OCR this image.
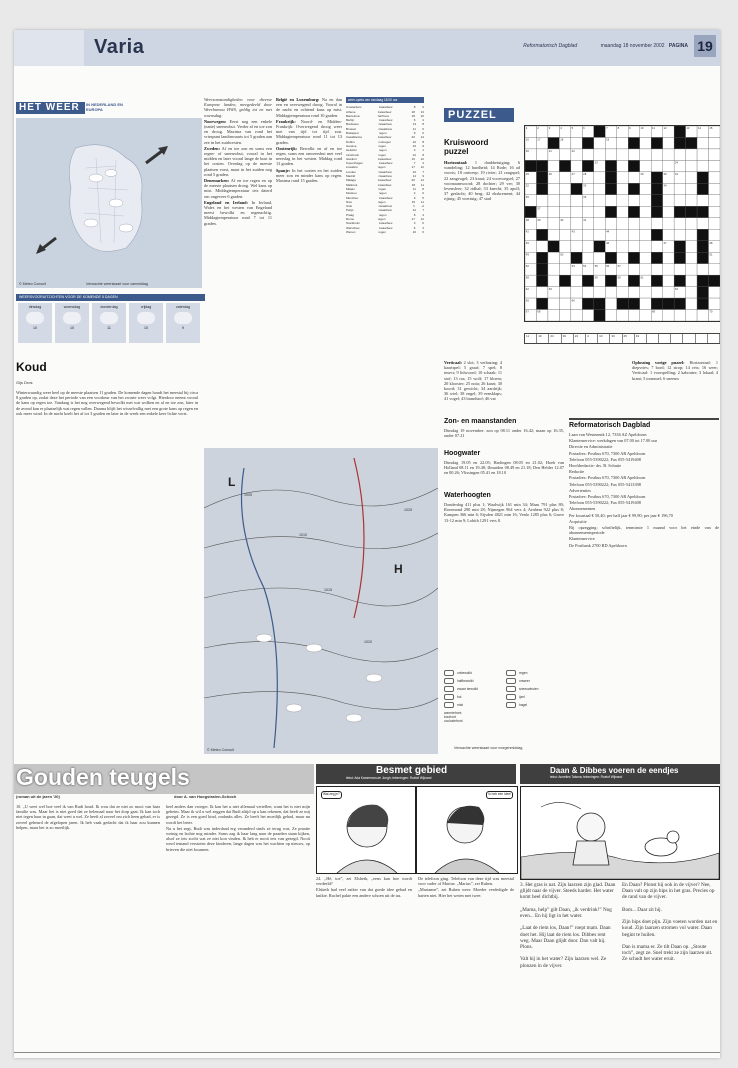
Varia	Reformatorisch Dagblad	maandag 18 november 2002 PAGINA 19
HET WEER	IN NEDERLAND EN EUROPA
© Meteo Consult	Verwachte weerskaart voor vanmiddag
WEERSVOORUITZICHTEN VOOR DE KOMENDE 5 DAGEN
dinsdag
10
woensdag
10
donderdag
11
vrijdag
10
zaterdag
9
Koud
Gijs Dros

Winterwaardig weer heel op de meeste plaatsen 11 graden. De komende dagen houdt het meestal bij circa 8 graden op, zodat deze het periode van een voorkeur van het zwarte weer volgt. Hierdoor neemt vooral de kans op regen toe. Vandaag is het nog overwegend bewolkt met wat wolken en af en toe zon, later in de avond kan er plaatselijk wat regen vallen. Daarna blijft het wisselvallig met een grote kans op regen en ook meer wind. In de nacht koelt het af tot 3 graden en later in de week een enkele keer lichte vorst.

Weersomstandigheden voor diverse Europese landen, meegedeeld door Weerbureau HWS, geldig tot en met woensdag:

Noorwegen: Eerst nog een enkele (natte) sneeuwbui. Verder af en toe zon en droog. Maxima van rond het vriespunt landinwaarts tot 5 graden aan zee in het zuidwesten.

Zweden: Af en toe zon en soms een regen- of sneeuwbui, vooral in het midden en later vooral lange de kust in het oosten. Overdag op de meeste plaatsen vorst, maar in het zuiden nog rond 5 graden.

Denemarken: Af en toe regen en op de meeste plaatsen droog. Wel kans op mist. Middagtemperatuur iets daterd om ongeveer 6 graden.

Engeland en Ierland: In Ierland, Wales en het westen van Engeland meest bewolkt en regenachtig. Middagtemperatuur rond 7 tot 11 graden.

België en Luxemburg: Na en dan een en overwegend droog. Vooral in de nacht en ochtend kans op mist. Middagtemperatuur rond 10 graden.

Frankrijk: Noord- en Midden-Frankrijk: Overwegend droog weer met van tijd tot tijd zon. Middagtemperatuur rond 11 tot 13 graden.

Oostenrijk: Bewolkt en af en toe regen, soms een onweersbui met veel neerslag in het westen. Middag rond 13 graden.

Spanje: In het oosten en het zuiden meer zon en minder kans op regen. Maxima rond 15 graden.

weer-opeta van vandaag 18.00 uur
Amsterdam	zwaarbew	8 3
Athene	zwaarbew	18 13
Barcelona	half bew	18 10
Berlijn	zwaarbew	6 4
Bordeaux	zwaarbew	13 8
Brussel	zwaarbew	11 6
Budapest	regen	9 6
Casablanca	zwaarbew	20 14
Dublin	motregen	10 8
Genève	regen	10 6
Helsinki	regen	3 1
Innsbruck	regen	12 8
Istanbul	zwaarbew	16 12
Kopenhagen	zwaarbew	7 4
Lissabon	regen	17 12
Londen	zwaarbew	10 7
Madrid	zwaarbew	14 9
Málaga	zwaarbew	20 14
Mallorca	zwaarbew	18 11
Milaan	regen	11 8
Moskou	regen	2 0
München	zwaarbew	9 5
Nice	regen	15 11
Oslo	zwaarbew	1 -2
Parijs	zwaarbew	12 7
Praag	regen	8 4
Rome	regen	17 12
Stockholm	zwaarbew	3 0
Warschau	zwaarbew	6 3
Wenen	regen	10 6
PUZZEL
Kruiswoord puzzel

Horizontaal: 1 dankbetuiging; 6 wandeling; 12 hardheid; 14 Rode; 16 ad voorts; 18 ontwerp; 19 rivier; 21 rangspel; 22 zangvogel; 23 kraai; 24 voorvoegsel; 27 voornaamwoord; 28 dochter; 29 ver; 30 levensleer; 32 ridhal; 33 knecht; 35 apoll; 37 geslacht; 40 berg; 42 ekskrement; 44 rijtuig; 45 voertuig; 47 stad

Verticaal: 2 slot; 3 verbazing; 4 kaartspel; 5 graaf; 7 spel; 8 insect; 9 lidwoord; 10 schaak; 11 stof; 13 ras; 15 wolf; 17 bloem; 20 klooster; 25 nota; 26 kaart; 30 koord; 31 gewicht; 34 aardrijk; 36 wiel; 38 engel; 39 eensklaps; 41 vogel; 43 brandstof; 46 vat

Oplossing vorige puzzel: Horizontaal: 1 diepvries; 7 bord; 12 strop; 14 reis; 16 weer; Verticaal: 1 voorspelling; 2 kabouter; 3 lokaal; 4 krant; 5 trommel; 6 sneeuw

1	2	3	4	5	6	7	8	9	10	11	12	13	14	15
16	17	18	19
20	21	22
23	24
25	26	27	28	29	30	31
32	33	34
35	36
37
38	39	40	41
42	43	44
45	46	47	48
49	50	51
52	53	54	55	56	57
58	59	60	61
62	63	64
65	66
67	68	69	70
11	19	24	39	24	4	10	33	25	43
Zon- en maanstanden

Dinsdag 19 november: zon op 08.11 onder 16.42; maan op 16.35, onder 07.21

Hoogwater

Dinsdag 19.05 en 22.05; Harlingen 08.05 en 21.02; Hoek van Holland 08.11 en 19.48; IJmuiden 08.49 en 21.18; Den Helder 12.07 en 00.26; Vlissingen 05.41 en 18.10

Waterhoogten

Donderdag 411 plus 1; Waalwijk 161 min 34; Maas 791 plus 80; Roermond 290 min 28; Nijmegen 964 vers 4; Arnhem 922 plus 8; Kampen 366 min 6; Eijsden 4821 min 16; Venlo 1285 plus 6; Grave 13-12 min 9; Lobith 1291 vers 8.

Reformatorisch Dagblad

Laan van Westenenk 12, 7336 AZ Apeldoorn

Klantenservice: werkdagen van 07.00 tot 17.00 uur

Directie en Administratie

Postadres: Postbus 670, 7300 AR Apeldoorn

Telefoon 055-5390222; Fax 055-5419408

Hoofdredactie: drs. B. Schutte

Redactie

Postadres: Postbus 670, 7300 AR Apeldoorn

Telefoon 055-5390222; Fax 055-5413398

Advertenties

Postadres: Postbus 670, 7300 AR Apeldoorn

Telefoon 055-5390222; Fax 055-5419408

Abonnementen

Per kwartaal € 50,40; per half jaar € 99,90; per jaar € 196,70

Acquisitie

Bij opzegging: schriftelijk, tenminste 1 maand voor het einde van de abonnementsperiode

Klantenservice

De Postbank 2700 RD Apeldoorn

L
H
1005
1010
1015
1020
1025
© Meteo Consult
onbewolkt	regen
halfbewolkt	onweer
zwaar bewolkt	sneeuwbuien
bui	ijzel
mist	hagel
warmtefront
koufront
occlusiefront
Verwachte weerskaart voor morgenmiddag
Gouden teugels
(roman uit de jaren '20)	door A. van Hoogstraten-Schoch

10. „U weet wel hoe veel ik van Rudi houd. Ik wou dat ze niet zo mooi van haar familie was. Maar het is niet goed dat ze helemaal naar het dorp gaat. Ik kan toch niet tegen haar in gaan, dat weet u wel. Ze heeft al zoveel om zich heen gehad, er is zoveel gebeurd de afgelopen jaren. Ik heb vaak gedacht dat ik haar zou kunnen helpen, maar het is zo moeilijk.

heel anders dan vroeger. Ik kan het u niet allemaal vertellen, want het is niet mijn geheim. Maar ik wil u wel zeggen dat Rudi altijd op u kan rekenen, dat heeft ze mij gezegd. Ze is een goed kind, ondanks alles. Ze heeft het moeilijk gehad, maar nu wordt het beter.

Nu u het zegt, Rudi was inderdaad erg veranderd sinds ze terug was. Ze praatte weinig en lachte nog minder. Soms zag ik haar lang naar de paarden staan kijken, alsof ze iets zocht wat ze niet kon vinden. Ik heb er nooit iets van gezegd. Nooit werd iemand verstoten deze kinderen, lange dagen was het wachten op nieuws, op brieven die niet kwamen.

Besmet gebied
tekst: Ada Kamerman-de Jongh; tekeningen: Roelof Wijnand
Wat zeg je?	Ik heb een idee!

24. „Hé, toe”, zei Elsbeth, „eens kan hoe wordt verdeeld?

Elsbeth had veel ruiker van dat goede idee gehad en knikte. Rachel pakte een andere schoen uit de tas.

De telefoon ging. Telefoon van deze tijd was meestal voor vader of Marius: „Marius”, zei Ruben.

„Marianne”, zei Ruben weer. Moeder verdedigde de harten niet. Hier het weten met twee.

Daan & Dibbes voeren de eendjes
tekst: Annelies Talsma; tekeningen: Roelof Wijnand

3. Het gras is nat. Zijn laarzen zijn glad. Daan glijdt naar de vijver. Steeds harder. Het water komt heel dichtbij.

„Mama, help” gilt Daan, „ik verdrink!” Nog even... En hij ligt in het water.

„Laat de riem los, Daan!” roept mam. Daan doet het. Hij laat de riem los. Dibbes rent weg. Maar Daan glijdt door. Dan valt hij. Plons.

Valt hij in het water? Zijn laarzen wel. Ze plonzen in de vijver.

En Daan? Plonst hij ook in de vijver? Nee, Daan valt op zijn hips in het gras. Precies op de rand van de vijver.

Bom... Daar zit hij.

Zijn hips doet pijn. Zijn voeten worden nat en koud. Zijn laarzen stromen vol water. Daan begint te huilen.

Dan is mama er. Ze tilt Daan op. „Stoute toch”, zegt ze. Snel trekt ze zijn laarzen uit. Ze schudt het water eruit.
